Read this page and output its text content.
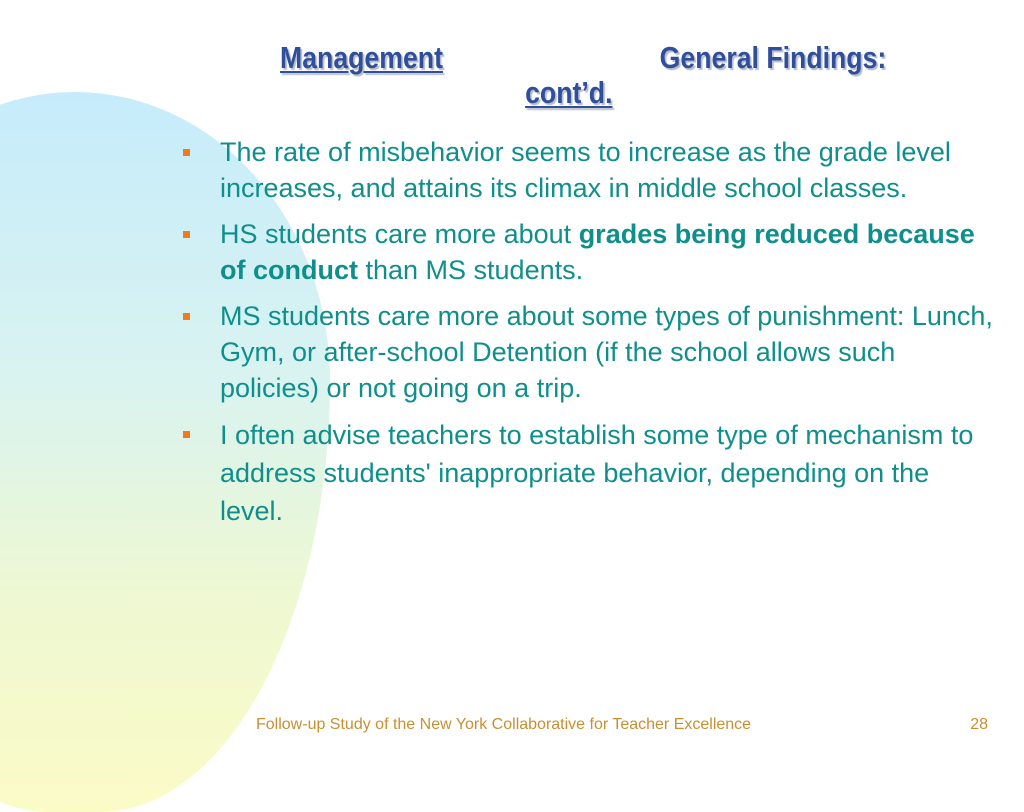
Management	General Findings:
cont’d.
The rate of misbehavior seems to increase as the grade level increases, and attains its climax in middle school classes.
HS students care more about grades being reduced because of conduct than MS students.
MS students care more about some types of punishment: Lunch, Gym, or after-school Detention (if the school allows such policies) or not going on a trip.
I often advise teachers to establish some type of mechanism to address students' inappropriate behavior, depending on the level.
Follow-up Study of the New York Collaborative for Teacher Excellence	28
